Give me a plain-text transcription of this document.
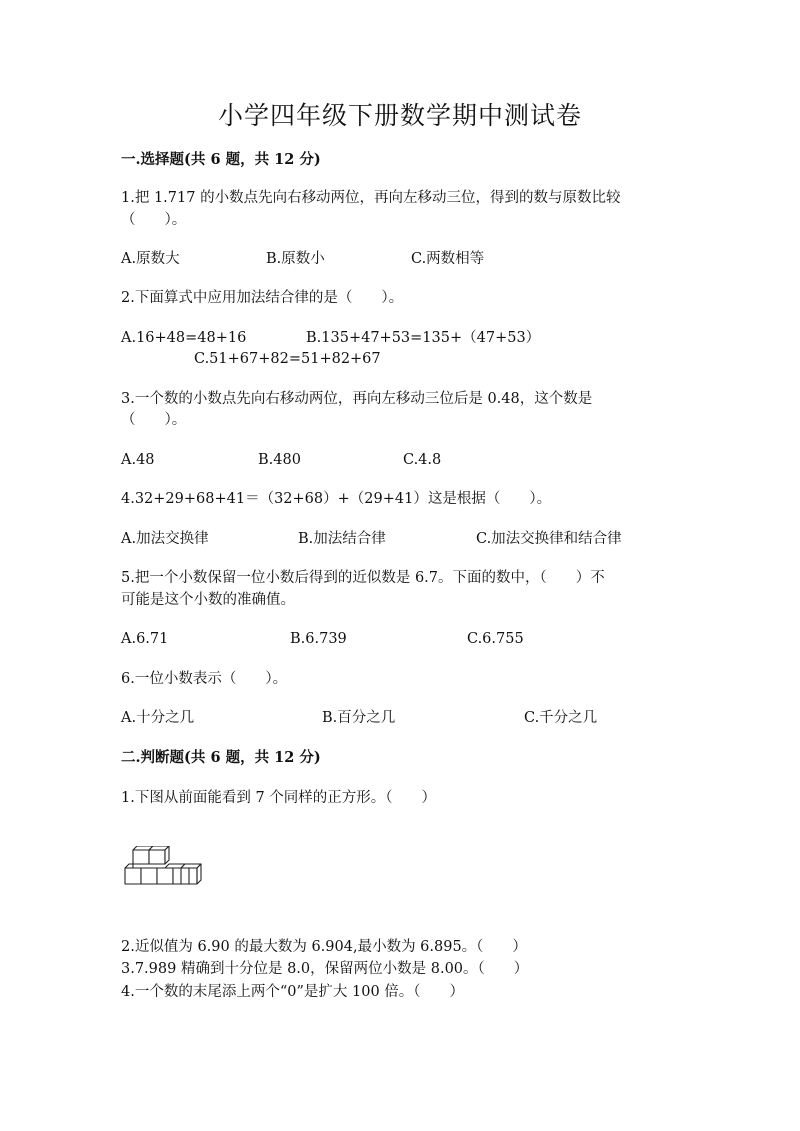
小学四年级下册数学期中测试卷
一.选择题(共 6 题，共 12 分)
1.把 1.717 的小数点先向右移动两位，再向左移动三位，得到的数与原数比较
（　　）。
A.原数大	B.原数小	C.两数相等
2.下面算式中应用加法结合律的是（　　）。
A.16+48=48+16	B.135+47+53=135+（47+53）
C.51+67+82=51+82+67
3.一个数的小数点先向右移动两位，再向左移动三位后是 0.48，这个数是
（　　）。
A.48	B.480	C.4.8
4.32+29+68+41＝（32+68）+（29+41）这是根据（　　）。
A.加法交换律	B.加法结合律	C.加法交换律和结合律
5.把一个小数保留一位小数后得到的近似数是 6.7。下面的数中，（　　）不
可能是这个小数的准确值。
A.6.71	B.6.739	C.6.755
6.一位小数表示（　　）。
A.十分之几	B.百分之几	C.千分之几
二.判断题(共 6 题，共 12 分)
1.下图从前面能看到 7 个同样的正方形。（　　）
2.近似值为 6.90 的最大数为 6.904,最小数为 6.895。（　　）
3.7.989 精确到十分位是 8.0，保留两位小数是 8.00。（　　）
4.一个数的末尾添上两个“0”是扩大 100 倍。（　　）
